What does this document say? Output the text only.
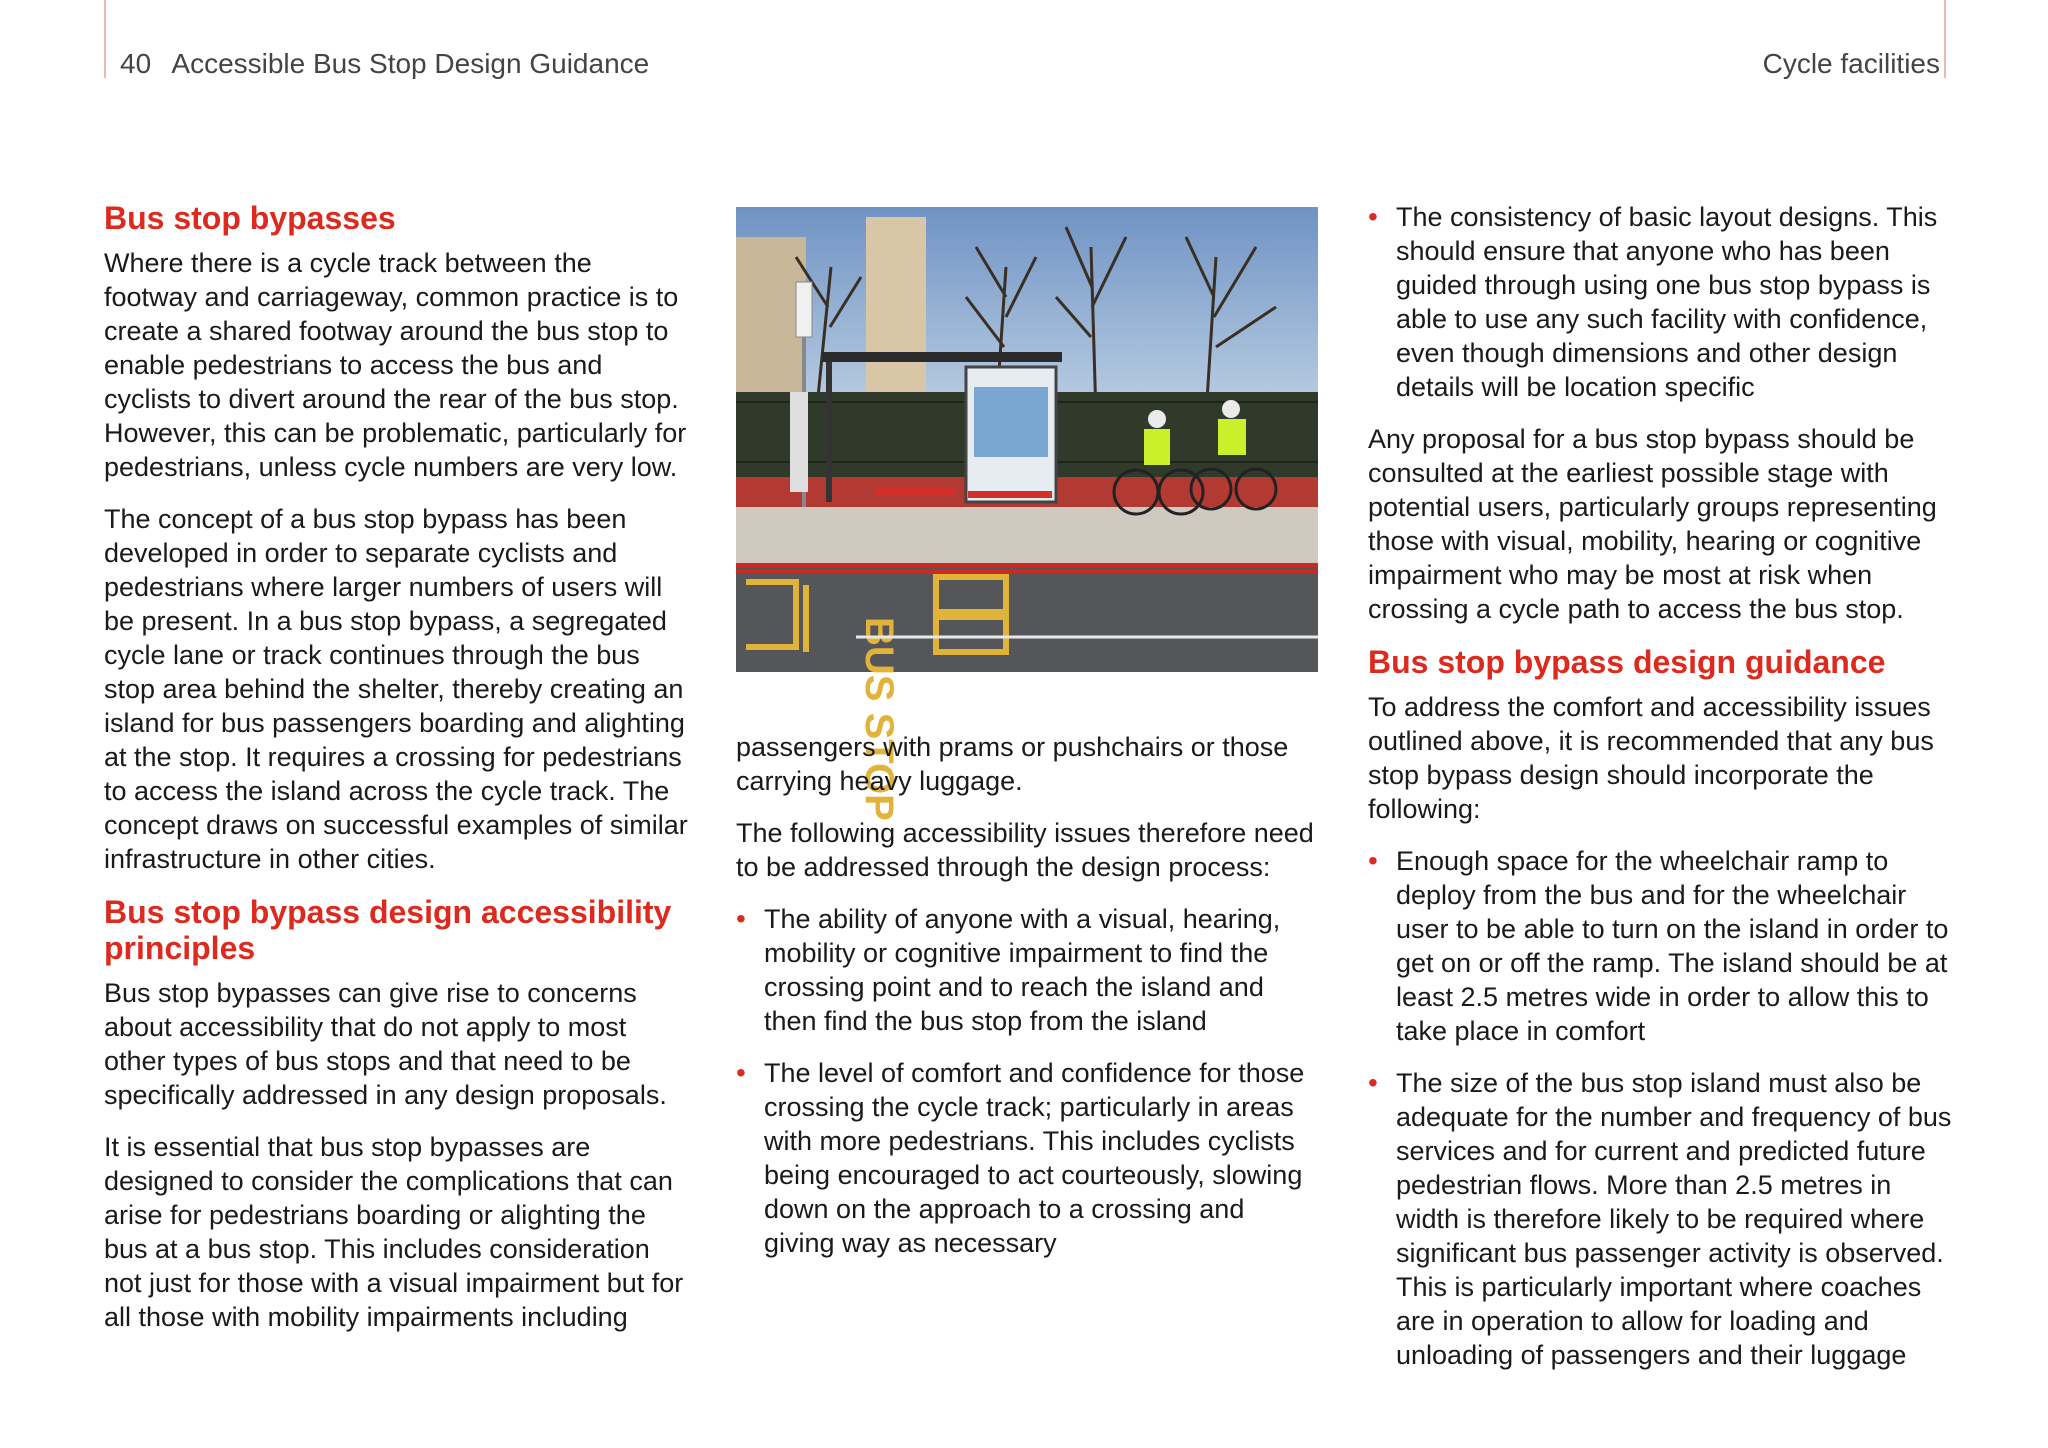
40 Accessible Bus Stop Design Guidance	Cycle facilities
Bus stop bypasses

Where there is a cycle track between the footway and carriageway, common practice is to create a shared footway around the bus stop to enable pedestrians to access the bus and cyclists to divert around the rear of the bus stop. However, this can be problematic, particularly for pedestrians, unless cycle numbers are very low.

The concept of a bus stop bypass has been developed in order to separate cyclists and pedestrians where larger numbers of users will be present. In a bus stop bypass, a segregated cycle lane or track continues through the bus stop area behind the shelter, thereby creating an island for bus passengers boarding and alighting at the stop. It requires a crossing for pedestrians to access the island across the cycle track. The concept draws on successful examples of similar infrastructure in other cities.

Bus stop bypass design accessibility principles

Bus stop bypasses can give rise to concerns about accessibility that do not apply to most other types of bus stops and that need to be specifically addressed in any design proposals.

It is essential that bus stop bypasses are designed to consider the complications that can arise for pedestrians boarding or alighting the bus at a bus stop. This includes consideration not just for those with a visual impairment but for all those with mobility impairments including

BUS STOP

passengers with prams or pushchairs or those carrying heavy luggage.

The following accessibility issues therefore need to be addressed through the design process:

• The ability of anyone with a visual, hearing, mobility or cognitive impairment to find the crossing point and to reach the island and then find the bus stop from the island
• The level of comfort and confidence for those crossing the cycle track; particularly in areas with more pedestrians. This includes cyclists being encouraged to act courteously, slowing down on the approach to a crossing and giving way as necessary
• The consistency of basic layout designs. This should ensure that anyone who has been guided through using one bus stop bypass is able to use any such facility with confidence, even though dimensions and other design details will be location specific

Any proposal for a bus stop bypass should be consulted at the earliest possible stage with potential users, particularly groups representing those with visual, mobility, hearing or cognitive impairment who may be most at risk when crossing a cycle path to access the bus stop.

Bus stop bypass design guidance

To address the comfort and accessibility issues outlined above, it is recommended that any bus stop bypass design should incorporate the following:

• Enough space for the wheelchair ramp to deploy from the bus and for the wheelchair user to be able to turn on the island in order to get on or off the ramp. The island should be at least 2.5 metres wide in order to allow this to take place in comfort
• The size of the bus stop island must also be adequate for the number and frequency of bus services and for current and predicted future pedestrian flows. More than 2.5 metres in width is therefore likely to be required where significant bus passenger activity is observed. This is particularly important where coaches are in operation to allow for loading and unloading of passengers and their luggage
